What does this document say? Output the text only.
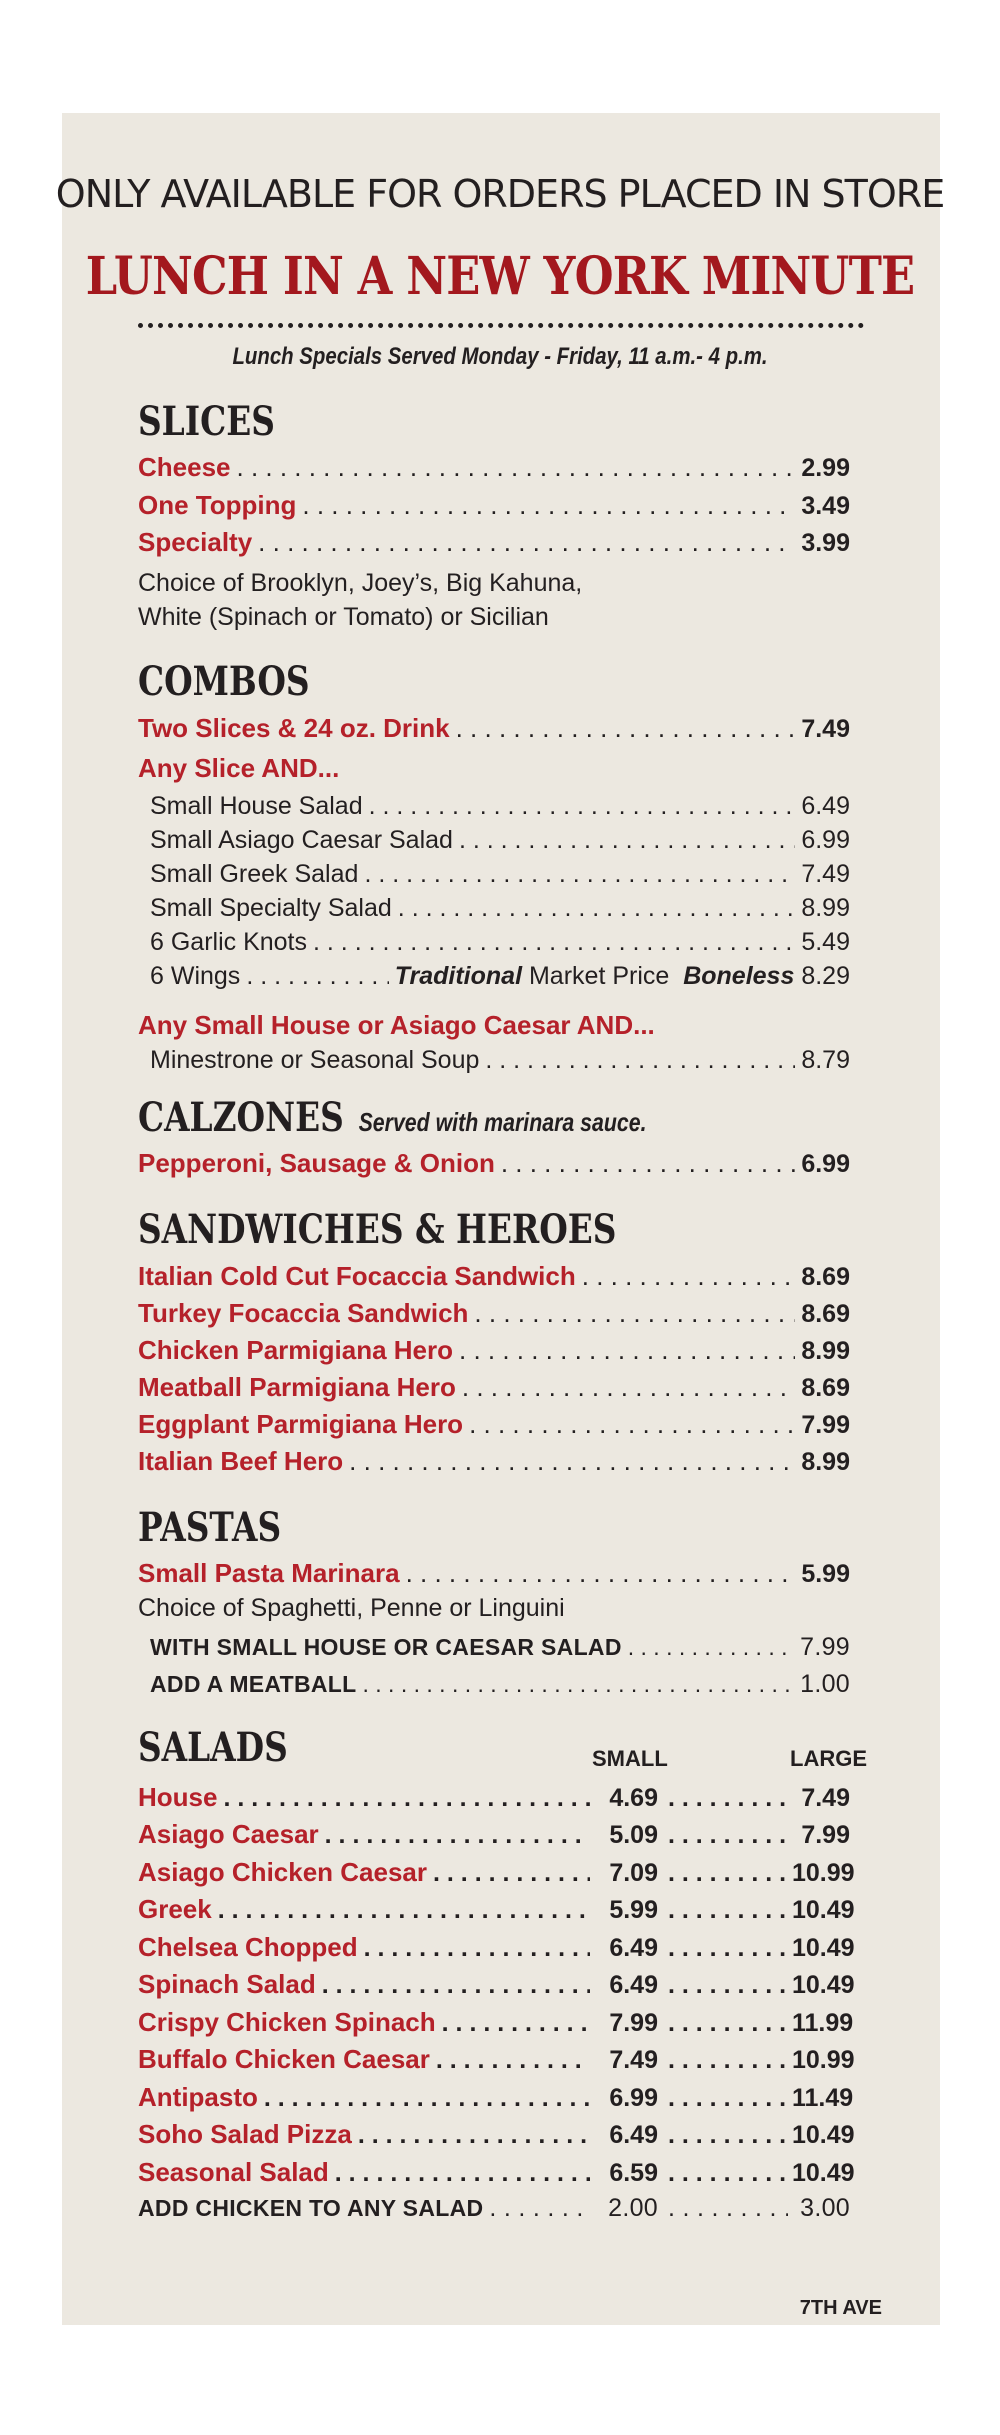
ONLY AVAILABLE FOR ORDERS PLACED IN STORE
LUNCH IN A NEW YORK MINUTE
Lunch Specials Served Monday - Friday, 11 a.m.- 4 p.m.
SLICES
Cheese . . .	2.99
One Topping . . .	3.49
Specialty . . .	3.99
Choice of Brooklyn, Joey’s, Big Kahuna,
White (Spinach or Tomato) or Sicilian
COMBOS
Two Slices & 24 oz. Drink . . .	7.49
Any Slice AND...
Small House Salad . . .	6.49
Small Asiago Caesar Salad . . .	6.99
Small Greek Salad . . .	7.49
Small Specialty Salad . . .	8.99
6 Garlic Knots . . .	5.49
6 Wings . . .	Traditional Market Price Boneless 8.29
Any Small House or Asiago Caesar AND...
Minestrone or Seasonal Soup . . .	8.79
CALZONES Served with marinara sauce.
Pepperoni, Sausage & Onion . . .	6.99
SANDWICHES & HEROES
Italian Cold Cut Focaccia Sandwich . . .	8.69
Turkey Focaccia Sandwich . . .	8.69
Chicken Parmigiana Hero . . .	8.99
Meatball Parmigiana Hero . . .	8.69
Eggplant Parmigiana Hero . . .	7.99
Italian Beef Hero . . .	8.99
PASTAS
Small Pasta Marinara . . .	5.99
Choice of Spaghetti, Penne or Linguini
WITH SMALL HOUSE OR CAESAR SALAD . . .	7.99
ADD A MEATBALL . . .	1.00
SALADS	SMALL	LARGE
House . . .	4.69 . . .	7.49
Asiago Caesar . . .	5.09 . . .	7.99
Asiago Chicken Caesar . . .	7.09 . . .	10.99
Greek . . .	5.99 . . .	10.49
Chelsea Chopped . . .	6.49 . . .	10.49
Spinach Salad . . .	6.49 . . .	10.49
Crispy Chicken Spinach . . .	7.99 . . .	11.99
Buffalo Chicken Caesar . . .	7.49 . . .	10.99
Antipasto . . .	6.99 . . .	11.49
Soho Salad Pizza . . .	6.49 . . .	10.49
Seasonal Salad . . .	6.59 . . .	10.49
ADD CHICKEN TO ANY SALAD . . .	2.00 . . .	3.00
7TH AVE
